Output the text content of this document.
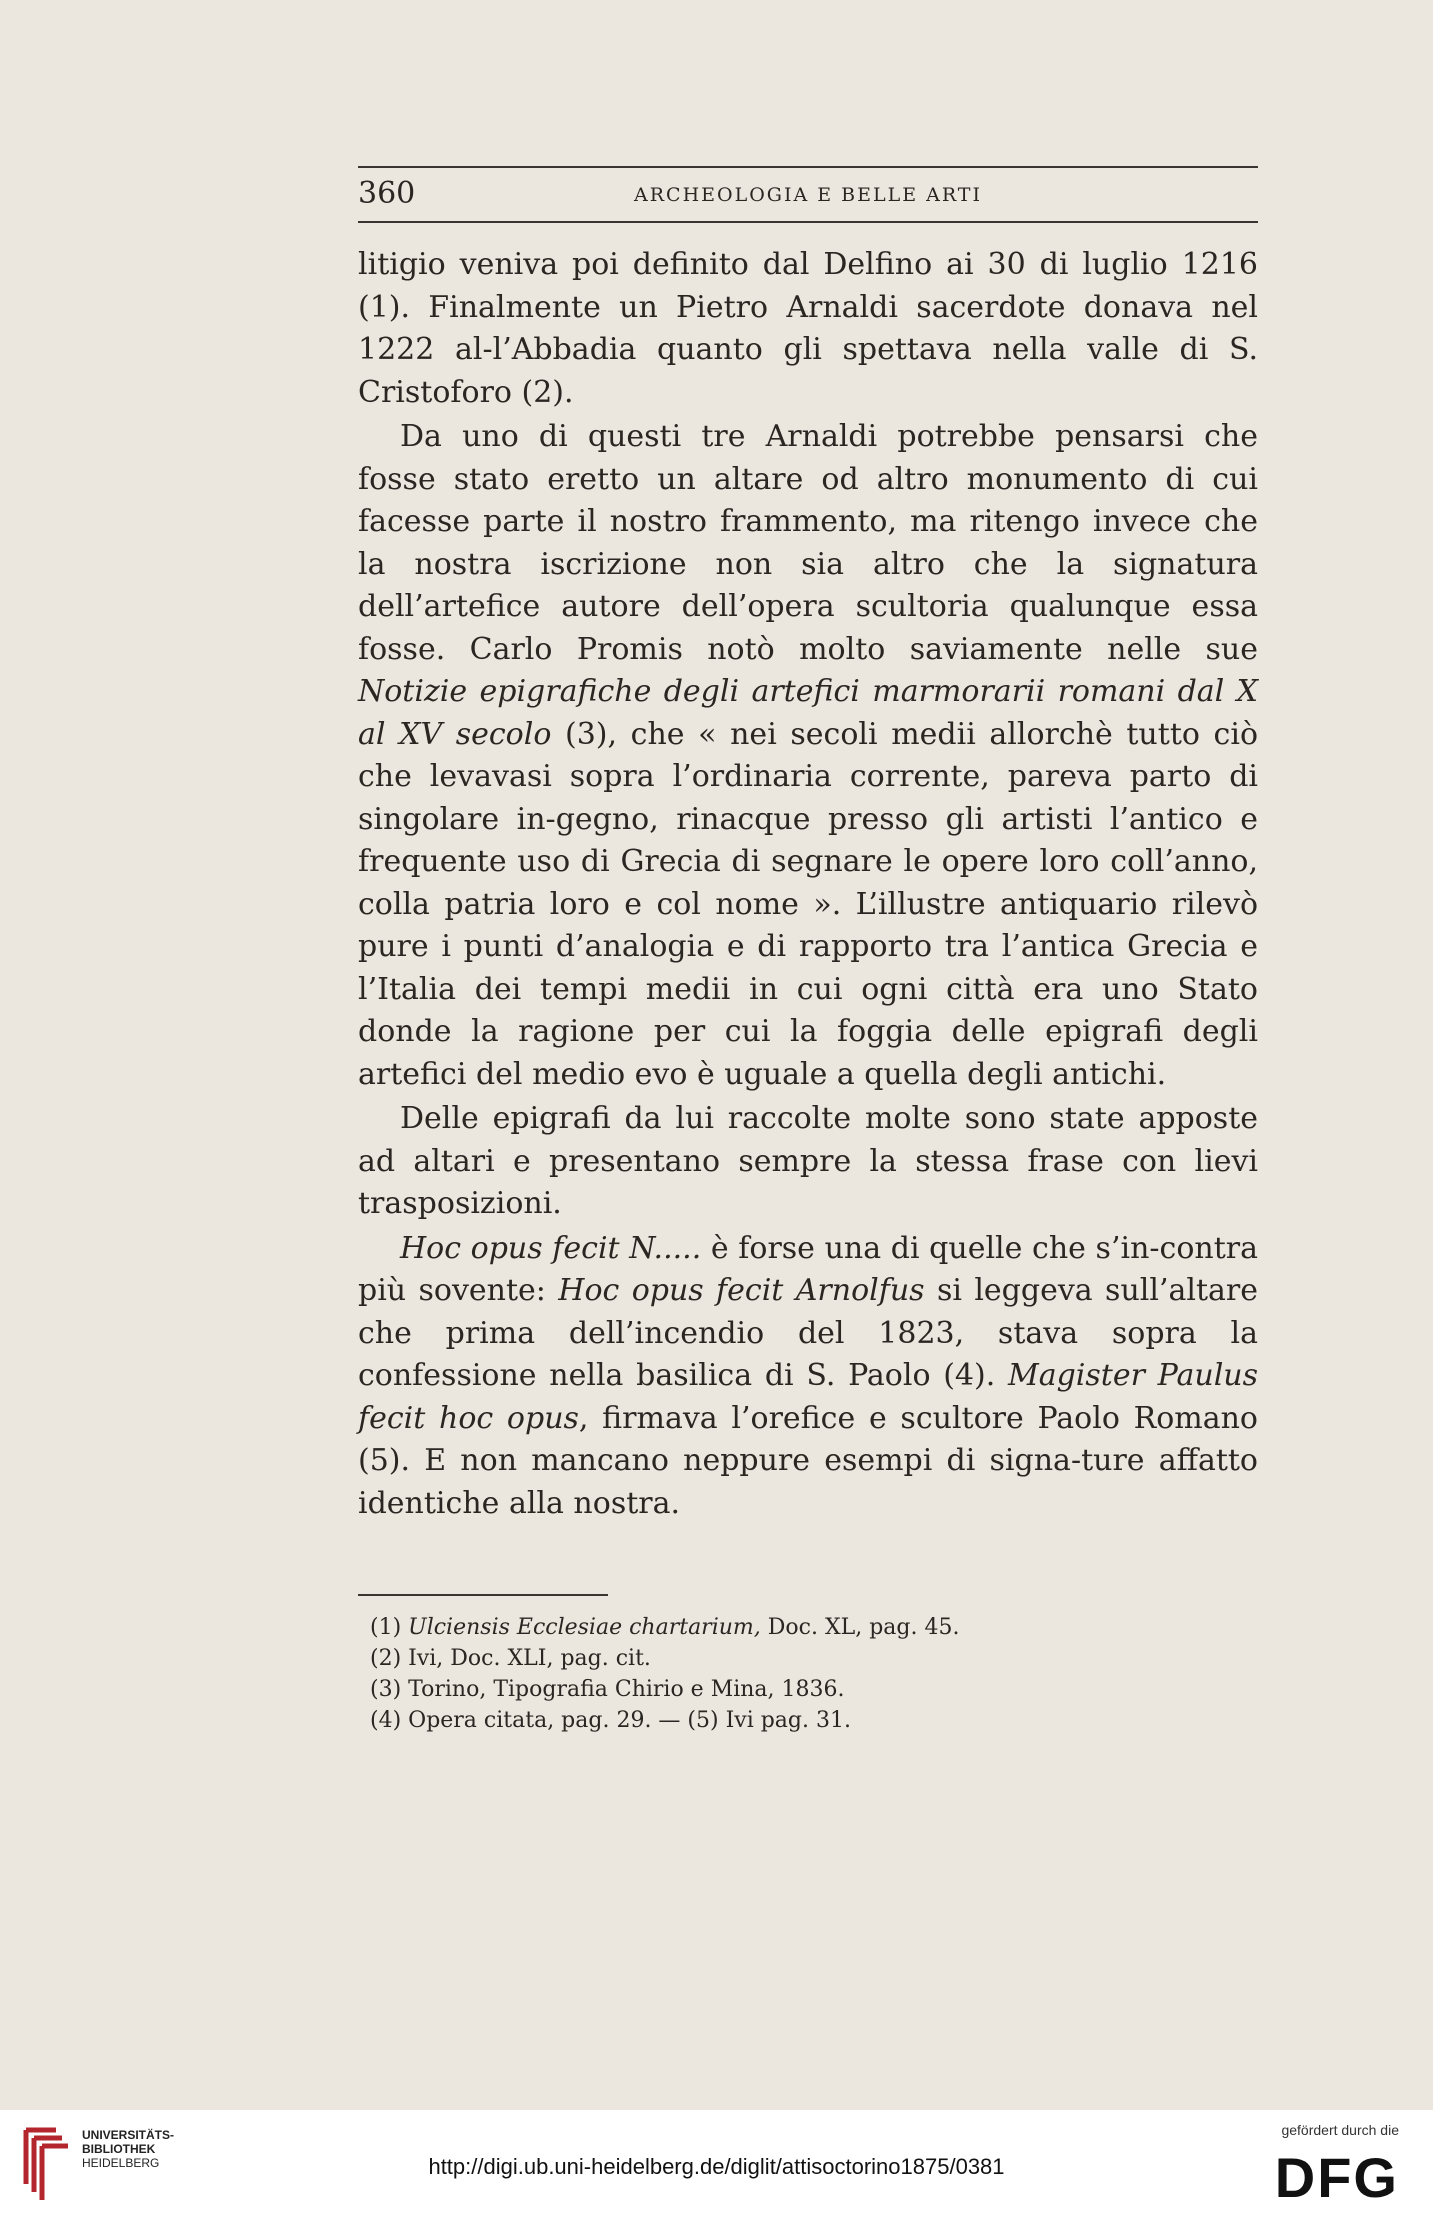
360	ARCHEOLOGIA E BELLE ARTI

litigio veniva poi definito dal Delfino ai 30 di luglio 1216 (1). Finalmente un Pietro Arnaldi sacerdote donava nel 1222 al-l’Abbadia quanto gli spettava nella valle di S. Cristoforo (2).

Da uno di questi tre Arnaldi potrebbe pensarsi che fosse stato eretto un altare od altro monumento di cui facesse parte il nostro frammento, ma ritengo invece che la nostra iscrizione non sia altro che la signatura dell’artefice autore dell’opera scultoria qualunque essa fosse. Carlo Promis notò molto saviamente nelle sue Notizie epigrafiche degli artefici marmorarii romani dal X al XV secolo (3), che « nei secoli medii allorchè tutto ciò che levavasi sopra l’ordinaria corrente, pareva parto di singolare in-gegno, rinacque presso gli artisti l’antico e frequente uso di Grecia di segnare le opere loro coll’anno, colla patria loro e col nome ». L’illustre antiquario rilevò pure i punti d’analogia e di rapporto tra l’antica Grecia e l’Italia dei tempi medii in cui ogni città era uno Stato donde la ragione per cui la foggia delle epigrafi degli artefici del medio evo è uguale a quella degli antichi.

Delle epigrafi da lui raccolte molte sono state apposte ad altari e presentano sempre la stessa frase con lievi trasposizioni.

Hoc opus fecit N..... è forse una di quelle che s’in-contra più sovente: Hoc opus fecit Arnolfus si leggeva sull’altare che prima dell’incendio del 1823, stava sopra la confessione nella basilica di S. Paolo (4). Magister Paulus fecit hoc opus, firmava l’orefice e scultore Paolo Romano (5). E non mancano neppure esempi di signa-ture affatto identiche alla nostra.

(1) Ulciensis Ecclesiae chartarium, Doc. XL, pag. 45.
(2) Ivi, Doc. XLI, pag. cit.
(3) Torino, Tipografia Chirio e Mina, 1836.
(4) Opera citata, pag. 29. — (5) Ivi pag. 31.
UNIVERSITÄTS-
BIBLIOTHEK
HEIDELBERG	http://digi.ub.uni-heidelberg.de/diglit/attisoctorino1875/0381
gefördert durch die
DFG
